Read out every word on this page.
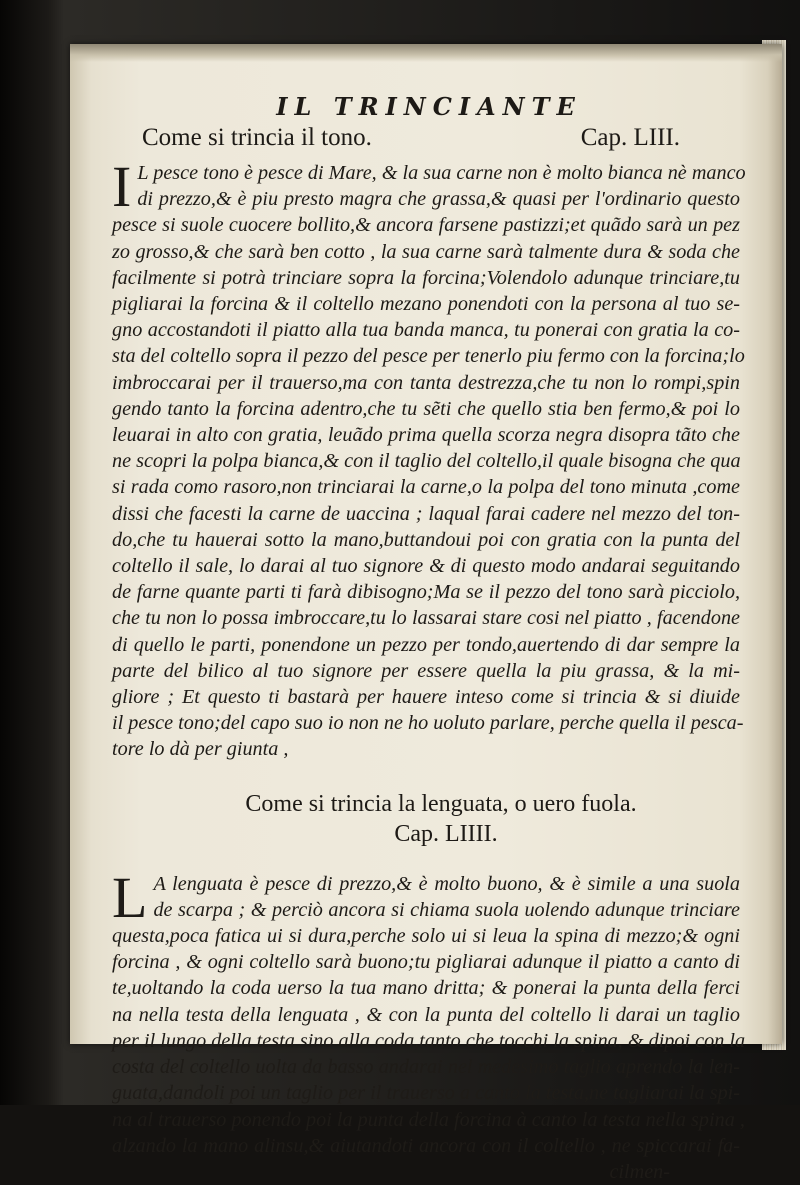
IL TRINCIANTE
Come si trincia il tono.	Cap. LIII.
I L pesce tono è pesce di Mare, & la sua carne non è molto bianca nè manco
di prezzo,& è piu presto magra che grassa,& quasi per l'ordinario questo
pesce si suole cuocere bollito,& ancora farsene pastizzi;et quãdo sarà un pez
zo grosso,& che sarà ben cotto , la sua carne sarà talmente dura & soda che
facilmente si potrà trinciare sopra la forcina;Volendolo adunque trinciare,tu
pigliarai la forcina & il coltello mezano ponendoti con la persona al tuo se-
gno accostandoti il piatto alla tua banda manca, tu ponerai con gratia la co-
sta del coltello sopra il pezzo del pesce per tenerlo piu fermo con la forcina;lo
imbroccarai per il trauerso,ma con tanta destrezza,che tu non lo rompi,spin
gendo tanto la forcina adentro,che tu sẽti che quello stia ben fermo,& poi lo
leuarai in alto con gratia, leuãdo prima quella scorza negra disopra tãto che
ne scopri la polpa bianca,& con il taglio del coltello,il quale bisogna che qua
si rada como rasoro,non trinciarai la carne,o la polpa del tono minuta ,come
dissi che facesti la carne de uaccina ; laqual farai cadere nel mezzo del ton-
do,che tu hauerai sotto la mano,buttandoui poi con gratia con la punta del
coltello il sale, lo darai al tuo signore & di questo modo andarai seguitando
de farne quante parti ti farà dibisogno;Ma se il pezzo del tono sarà picciolo,
che tu non lo possa imbroccare,tu lo lassarai stare cosi nel piatto , facendone
di quello le parti, ponendone un pezzo per tondo,auertendo di dar sempre la
parte del bilico al tuo signore per essere quella la piu grassa, & la mi-
gliore ; Et questo ti bastarà per hauere inteso come si trincia & si diuide
il pesce tono;del capo suo io non ne ho uoluto parlare, perche quella il pesca-
tore lo dà per giunta ,
Come si trincia la lenguata, o uero fuola.
Cap. LIIII.
L A lenguata è pesce di prezzo,& è molto buono, & è simile a una suola
de scarpa ; & perciò ancora si chiama suola uolendo adunque trinciare
questa,poca fatica ui si dura,perche solo ui si leua la spina di mezzo;& ogni
forcina , & ogni coltello sarà buono;tu pigliarai adunque il piatto a canto di
te,uoltando la coda uerso la tua mano dritta; & ponerai la punta della ferci
na nella testa della lenguata , & con la punta del coltello li darai un taglio
per il lungo della testa sino alla coda,tanto che tocchi la spina, & dipoi con la
costa del coltello uolta da basso andarai nel medesimo taglio aprendo la len-
guata,dandoli poi un taglio per il trauerso a canto la testa,ne tagliarai la spi-
na al trauerso ponendo poi la punta della forcina à canto la testa nella spina ,
alzando la mano alinsu,& aiutandoti ancora con il coltello , ne spiccarai fa-
cilmen-
